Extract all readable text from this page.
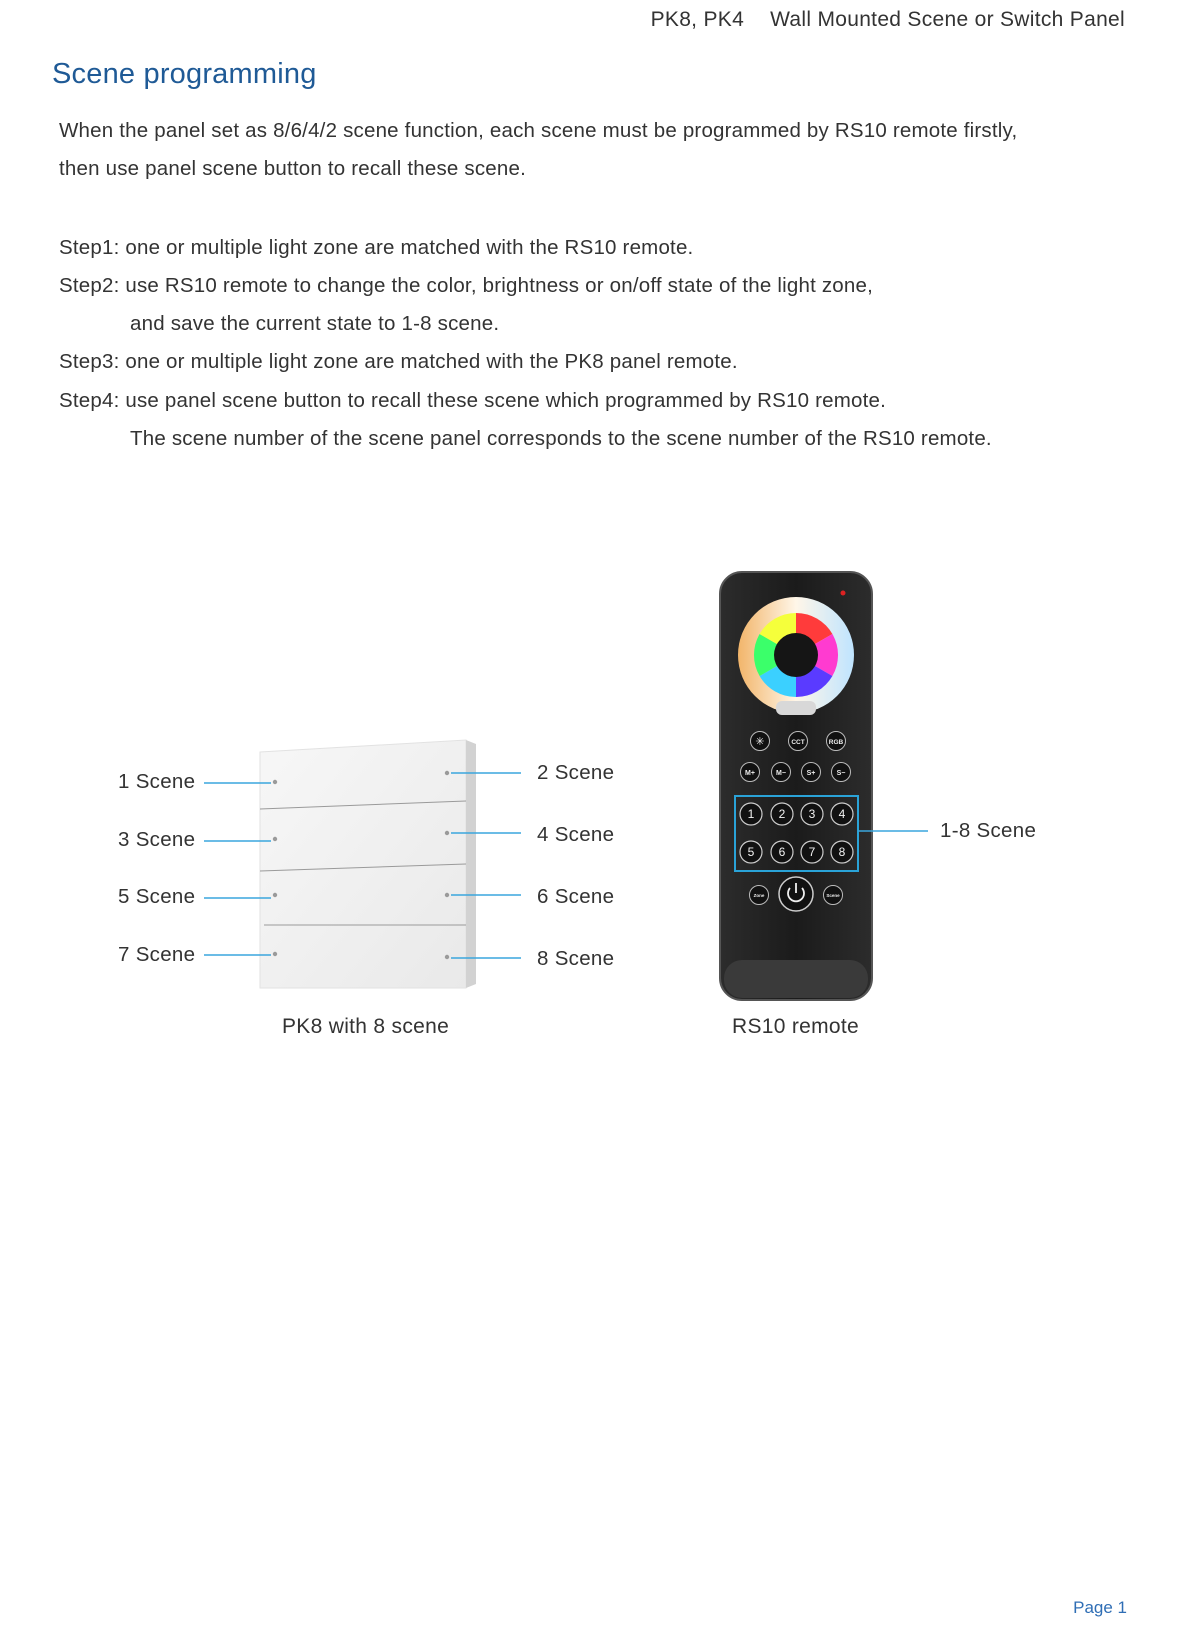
PK8, PK4 Wall Mounted Scene or Switch Panel
Scene programming
When the panel set as 8/6/4/2 scene function, each scene must be programmed by RS10 remote firstly,
then use panel scene button to recall these scene.
Step1: one or multiple light zone are matched with the RS10 remote.
Step2: use RS10 remote to change the color, brightness or on/off state of the light zone,
and save the current state to 1-8 scene.
Step3: one or multiple light zone are matched with the PK8 panel remote.
Step4: use panel scene button to recall these scene which programmed by RS10 remote.
The scene number of the scene panel corresponds to the scene number of the RS10 remote.
1 Scene
3 Scene
5 Scene
7 Scene
2 Scene
4 Scene
6 Scene
8 Scene
PK8 with 8 scene
✳	CCT	RGB
M+	M−	S+	S−
1 2 3 4
5 6 7 8
Zone	Scene
1-8 Scene
RS10 remote
Page 1
